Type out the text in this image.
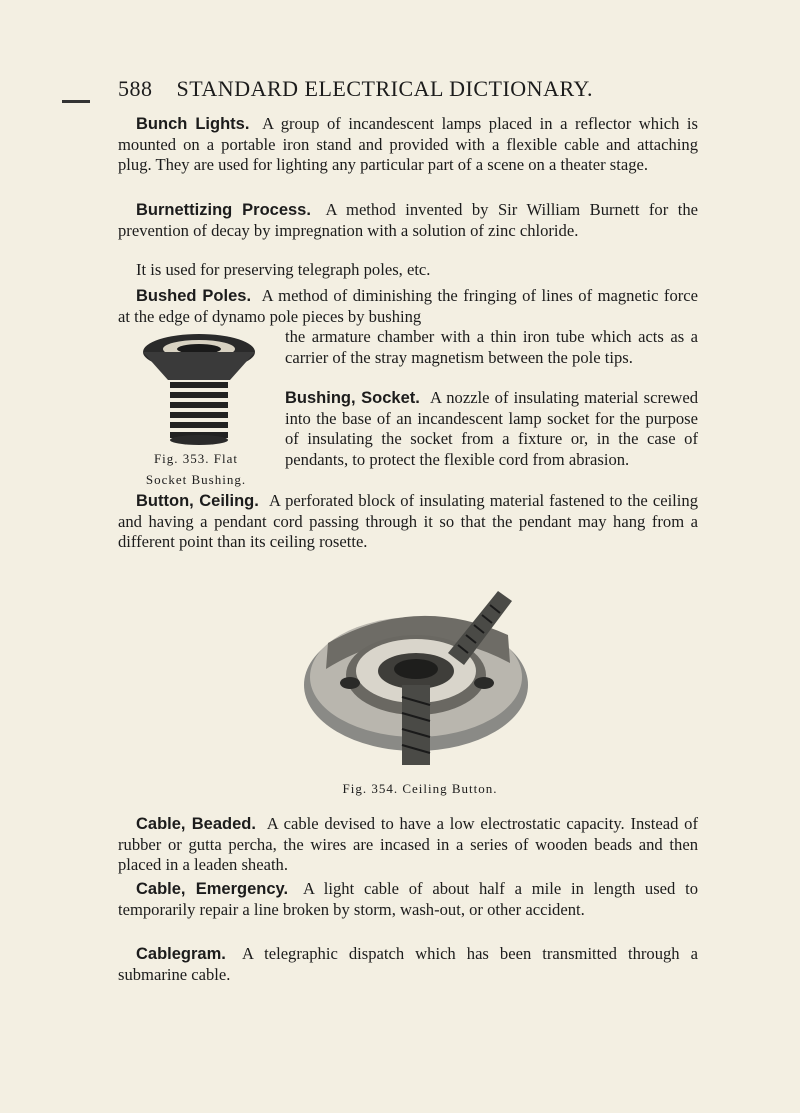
588 STANDARD ELECTRICAL DICTIONARY.
Bunch Lights. A group of incandescent lamps placed in a reflector which is mounted on a portable iron stand and provided with a flexible cable and attaching plug. They are used for lighting any particular part of a scene on a theater stage.
Burnettizing Process. A method invented by Sir William Burnett for the prevention of decay by impregnation with a solution of zinc chloride.
It is used for preserving telegraph poles, etc.
Bushed Poles. A method of diminishing the fringing of lines of magnetic force at the edge of dynamo pole pieces by bushing
the armature chamber with a thin iron tube which acts as a carrier of the stray magnetism between the pole tips.
Fig. 353. Flat
Socket Bushing.
Bushing, Socket. A nozzle of insulating material screwed into the base of an incandescent lamp socket for the purpose of insulating the socket from a fixture or, in the case of pendants, to protect the flexible cord from abrasion.
Button, Ceiling. A perforated block of insulating material fastened to the ceiling and having a pendant cord passing through it so that the pendant may hang from a different point than its ceiling rosette.
Fig. 354. Ceiling Button.
Cable, Beaded. A cable devised to have a low electrostatic capacity. Instead of rubber or gutta percha, the wires are incased in a series of wooden beads and then placed in a leaden sheath.
Cable, Emergency. A light cable of about half a mile in length used to temporarily repair a line broken by storm, wash-out, or other accident.
Cablegram. A telegraphic dispatch which has been transmitted through a submarine cable.
